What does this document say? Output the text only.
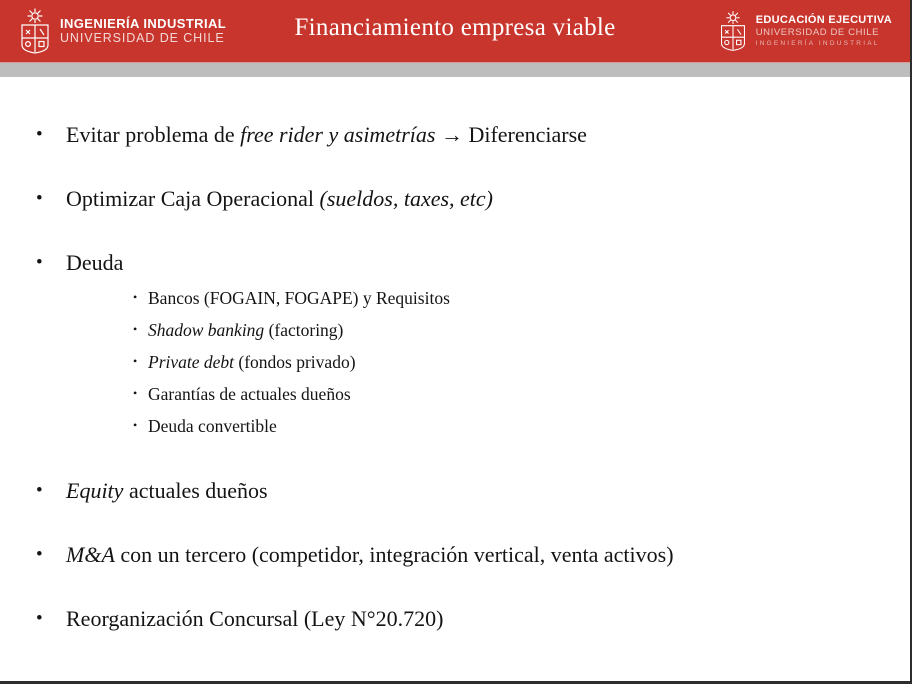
INGENIERÍA INDUSTRIAL
UNIVERSIDAD DE CHILE	Financiamiento empresa viable	EDUCACIÓN EJECUTIVA
UNIVERSIDAD DE CHILE
INGENIERÍA INDUSTRIAL
•	Evitar problema de free rider y asimetrías → Diferenciarse
•	Optimizar Caja Operacional (sueldos, taxes, etc)
•	Deuda
• Bancos (FOGAIN, FOGAPE) y Requisitos
• Shadow banking (factoring)
• Private debt (fondos privado)
• Garantías de actuales dueños
• Deuda convertible
•	Equity actuales dueños
•	M&A con un tercero (competidor, integración vertical, venta activos)
•	Reorganización Concursal (Ley N°20.720)
